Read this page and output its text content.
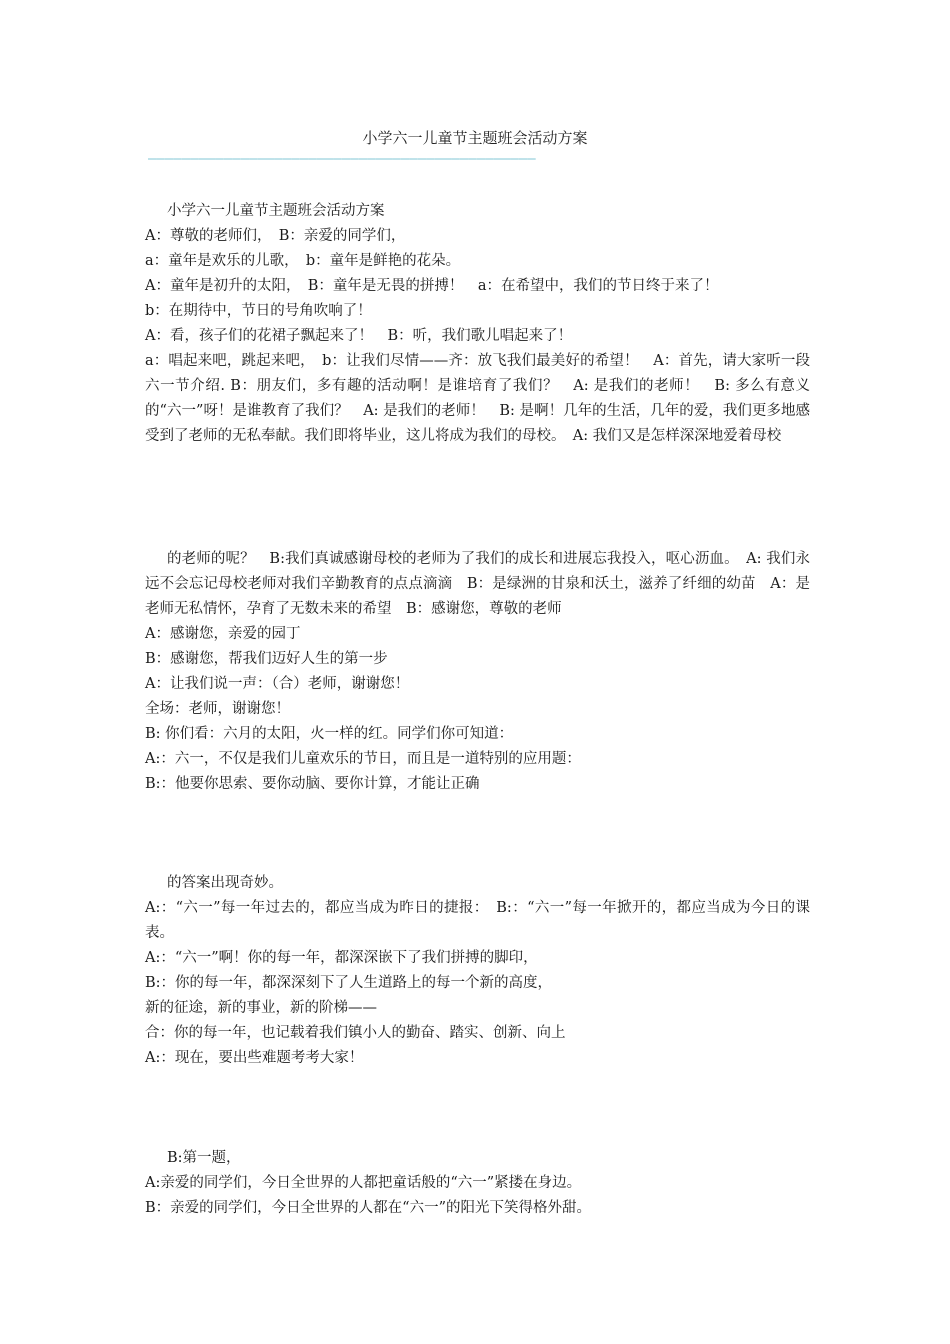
小学六一儿童节主题班会活动方案
——————————————————————————————————————————————

小学六一儿童节主题班会活动方案

A：尊敬的老师们，　B：亲爱的同学们，

a：童年是欢乐的儿歌，　b：童年是鲜艳的花朵。

A：童年是初升的太阳，　B：童年是无畏的拼搏！　a：在希望中，我们的节日终于来了！

b：在期待中，节日的号角吹响了！

A：看，孩子们的花裙子飘起来了！　B：听，我们歌儿唱起来了！

a：唱起来吧，跳起来吧，　b：让我们尽情——齐：放飞我们最美好的希望！　A：首先，请大家听一段六一节介绍. B：朋友们，多有趣的活动啊！是谁培育了我们？　A: 是我们的老师！　B: 多么有意义的“六一”呀！是谁教育了我们？　A: 是我们的老师！　B: 是啊！几年的生活，几年的爱，我们更多地感受到了老师的无私奉献。我们即将毕业，这儿将成为我们的母校。　A: 我们又是怎样深深地爱着母校

的老师的呢？　B:我们真诚感谢母校的老师为了我们的成长和进展忘我投入，呕心沥血。　A: 我们永远不会忘记母校老师对我们辛勤教育的点点滴滴　B：是绿洲的甘泉和沃土，滋养了纤细的幼苗　A：是老师无私情怀，孕育了无数未来的希望　B：感谢您，尊敬的老师

A：感谢您，亲爱的园丁

B：感谢您，帮我们迈好人生的第一步

A：让我们说一声：（合）老师，谢谢您！

全场：老师，谢谢您！

B: 你们看：六月的太阳，火一样的红。同学们你可知道：

A:：六一，不仅是我们儿童欢乐的节日，而且是一道特别的应用题：

B:：他要你思索、要你动脑、要你计算，才能让正确

的答案出现奇妙。

A:：“六一”每一年过去的，都应当成为昨日的捷报：　B:：“六一”每一年掀开的，都应当成为今日的课表。

A:：“六一”啊！你的每一年，都深深嵌下了我们拼搏的脚印，

B:：你的每一年，都深深刻下了人生道路上的每一个新的高度，

新的征途，新的事业，新的阶梯——

合：你的每一年，也记载着我们镇小人的勤奋、踏实、创新、向上

A:：现在，要出些难题考考大家！

B:第一题，

A:亲爱的同学们，今日全世界的人都把童话般的“六一”紧搂在身边。

B：亲爱的同学们，今日全世界的人都在“六一”的阳光下笑得格外甜。
